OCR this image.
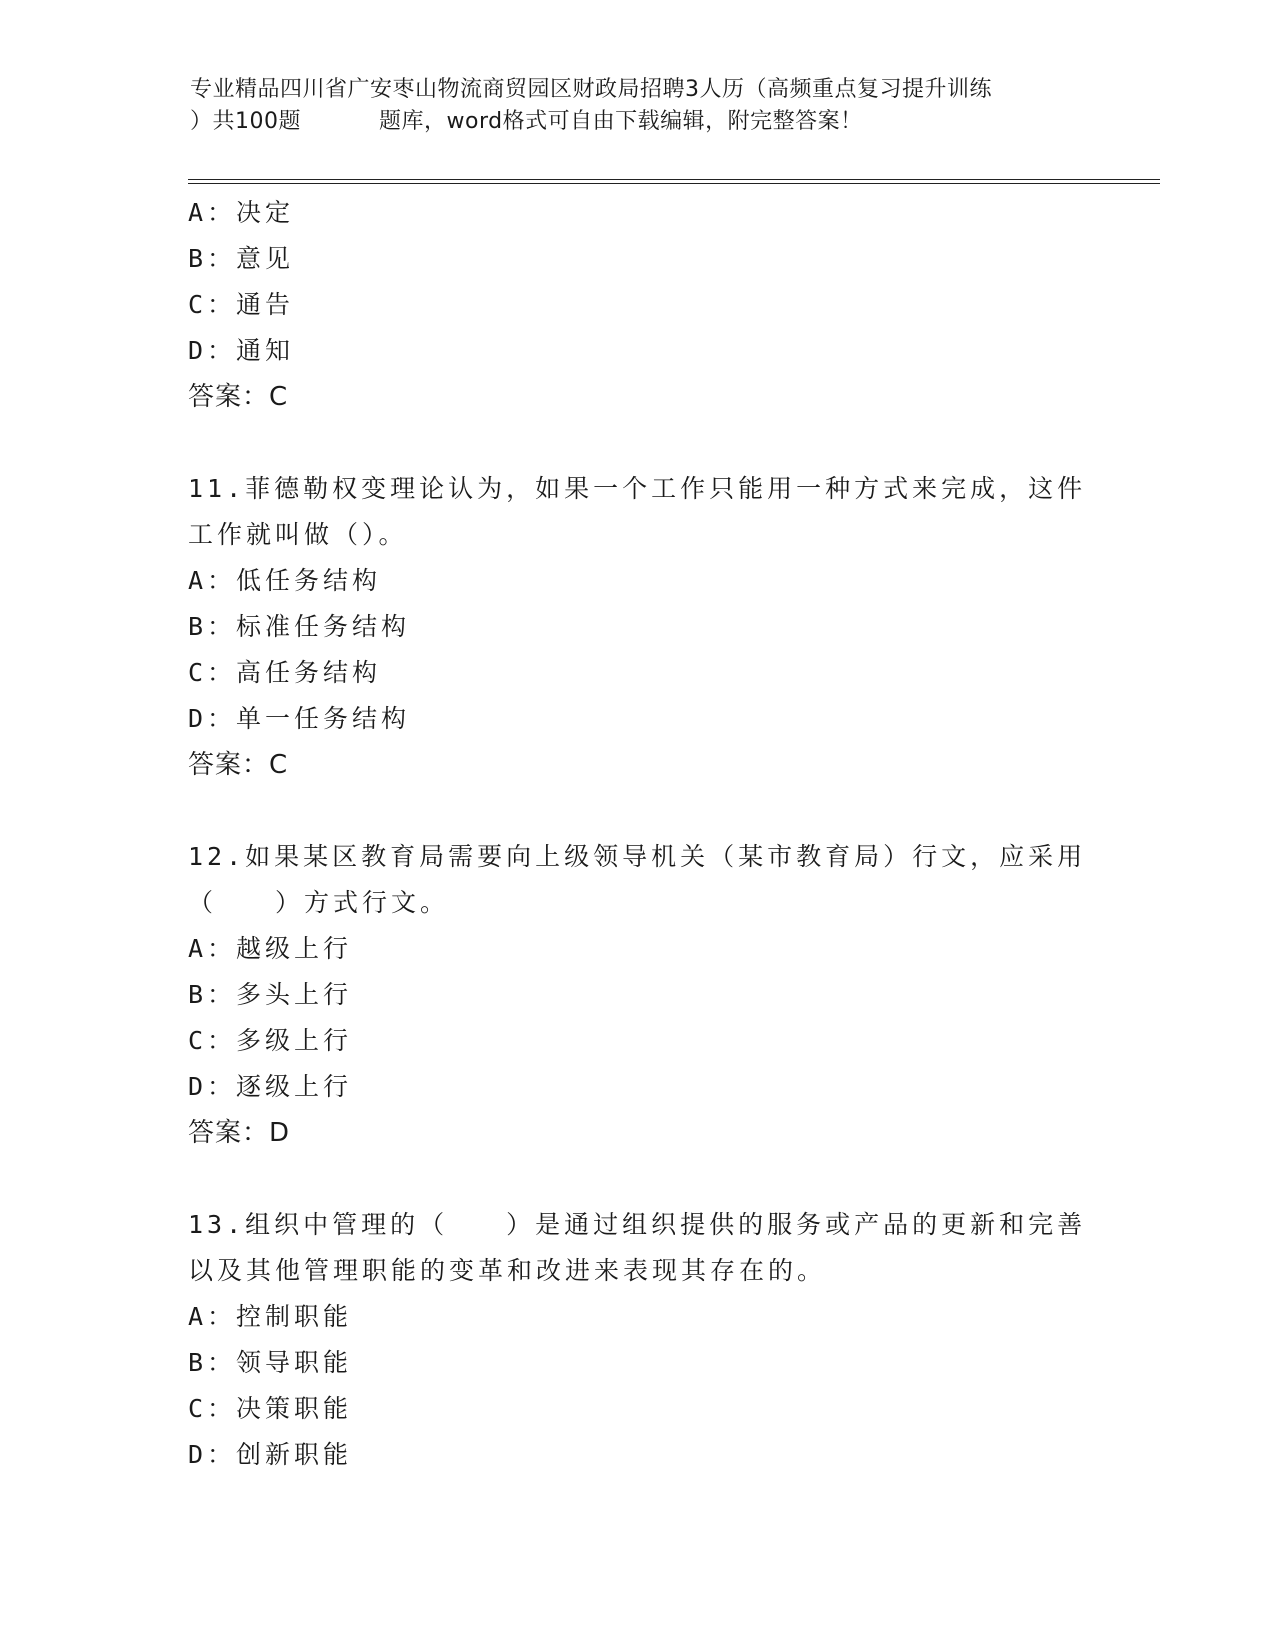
专业精品四川省广安枣山物流商贸园区财政局招聘3人历（高频重点复习提升训练
）共100题	题库，word格式可自由下载编辑，附完整答案！
A：决定
B：意见
C：通告
D：通知
答案：C
11.菲德勒权变理论认为，如果一个工作只能用一种方式来完成，这件
工作就叫做（）。
A：低任务结构
B：标准任务结构
C：高任务结构
D：单一任务结构
答案：C
12.如果某区教育局需要向上级领导机关（某市教育局）行文，应采用
（　　）方式行文。
A：越级上行
B：多头上行
C：多级上行
D：逐级上行
答案：D
13.组织中管理的（　　）是通过组织提供的服务或产品的更新和完善
以及其他管理职能的变革和改进来表现其存在的。
A：控制职能
B：领导职能
C：决策职能
D：创新职能
